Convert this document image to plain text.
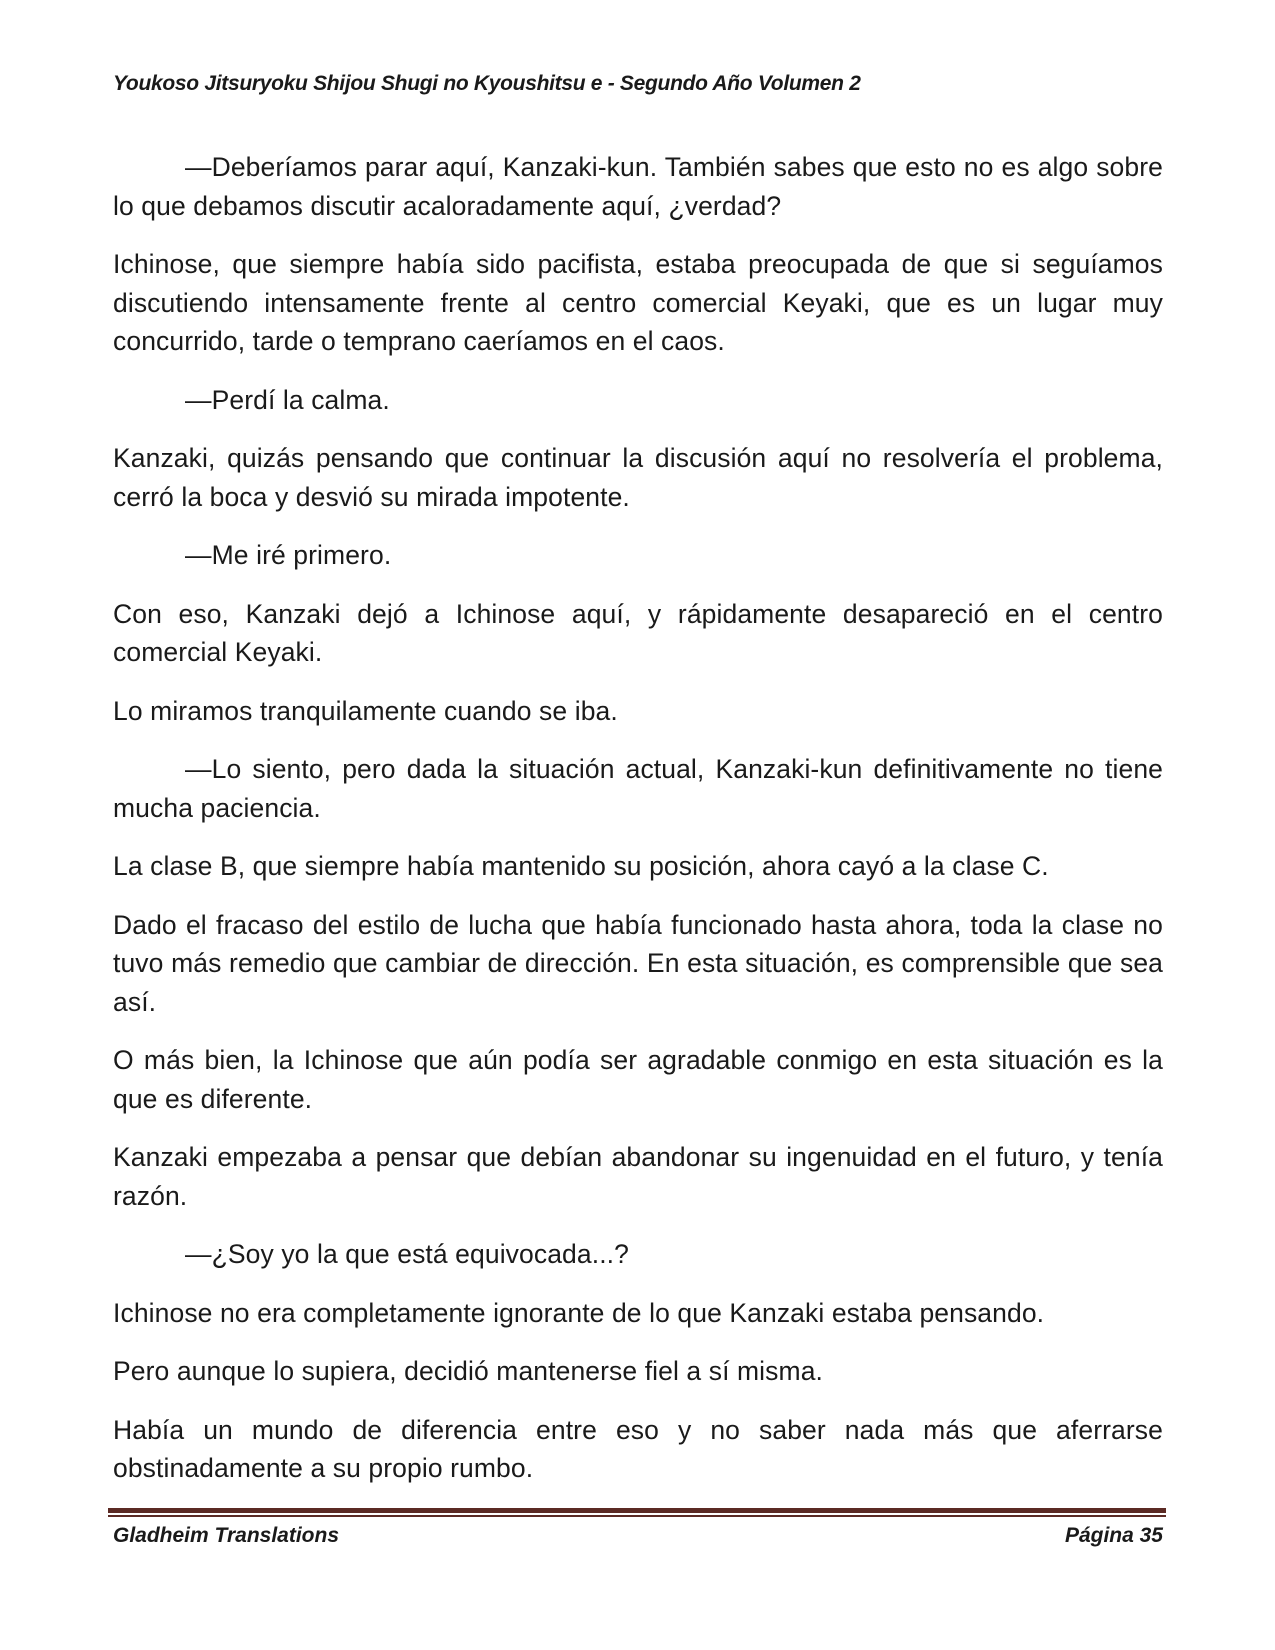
Youkoso Jitsuryoku Shijou Shugi no Kyoushitsu e - Segundo Año Volumen 2

—Deberíamos parar aquí, Kanzaki-kun. También sabes que esto no es algo sobre lo que debamos discutir acaloradamente aquí, ¿verdad?

Ichinose, que siempre había sido pacifista, estaba preocupada de que si seguíamos discutiendo intensamente frente al centro comercial Keyaki, que es un lugar muy concurrido, tarde o temprano caeríamos en el caos.

—Perdí la calma.

Kanzaki, quizás pensando que continuar la discusión aquí no resolvería el problema, cerró la boca y desvió su mirada impotente.

—Me iré primero.

Con eso, Kanzaki dejó a Ichinose aquí, y rápidamente desapareció en el centro comercial Keyaki.

Lo miramos tranquilamente cuando se iba.

—Lo siento, pero dada la situación actual, Kanzaki-kun definitivamente no tiene mucha paciencia.

La clase B, que siempre había mantenido su posición, ahora cayó a la clase C.

Dado el fracaso del estilo de lucha que había funcionado hasta ahora, toda la clase no tuvo más remedio que cambiar de dirección. En esta situación, es comprensible que sea así.

O más bien, la Ichinose que aún podía ser agradable conmigo en esta situación es la que es diferente.

Kanzaki empezaba a pensar que debían abandonar su ingenuidad en el futuro, y tenía razón.

—¿Soy yo la que está equivocada...?

Ichinose no era completamente ignorante de lo que Kanzaki estaba pensando.

Pero aunque lo supiera, decidió mantenerse fiel a sí misma.

Había un mundo de diferencia entre eso y no saber nada más que aferrarse obstinadamente a su propio rumbo.

Gladheim Translations	Página 35
